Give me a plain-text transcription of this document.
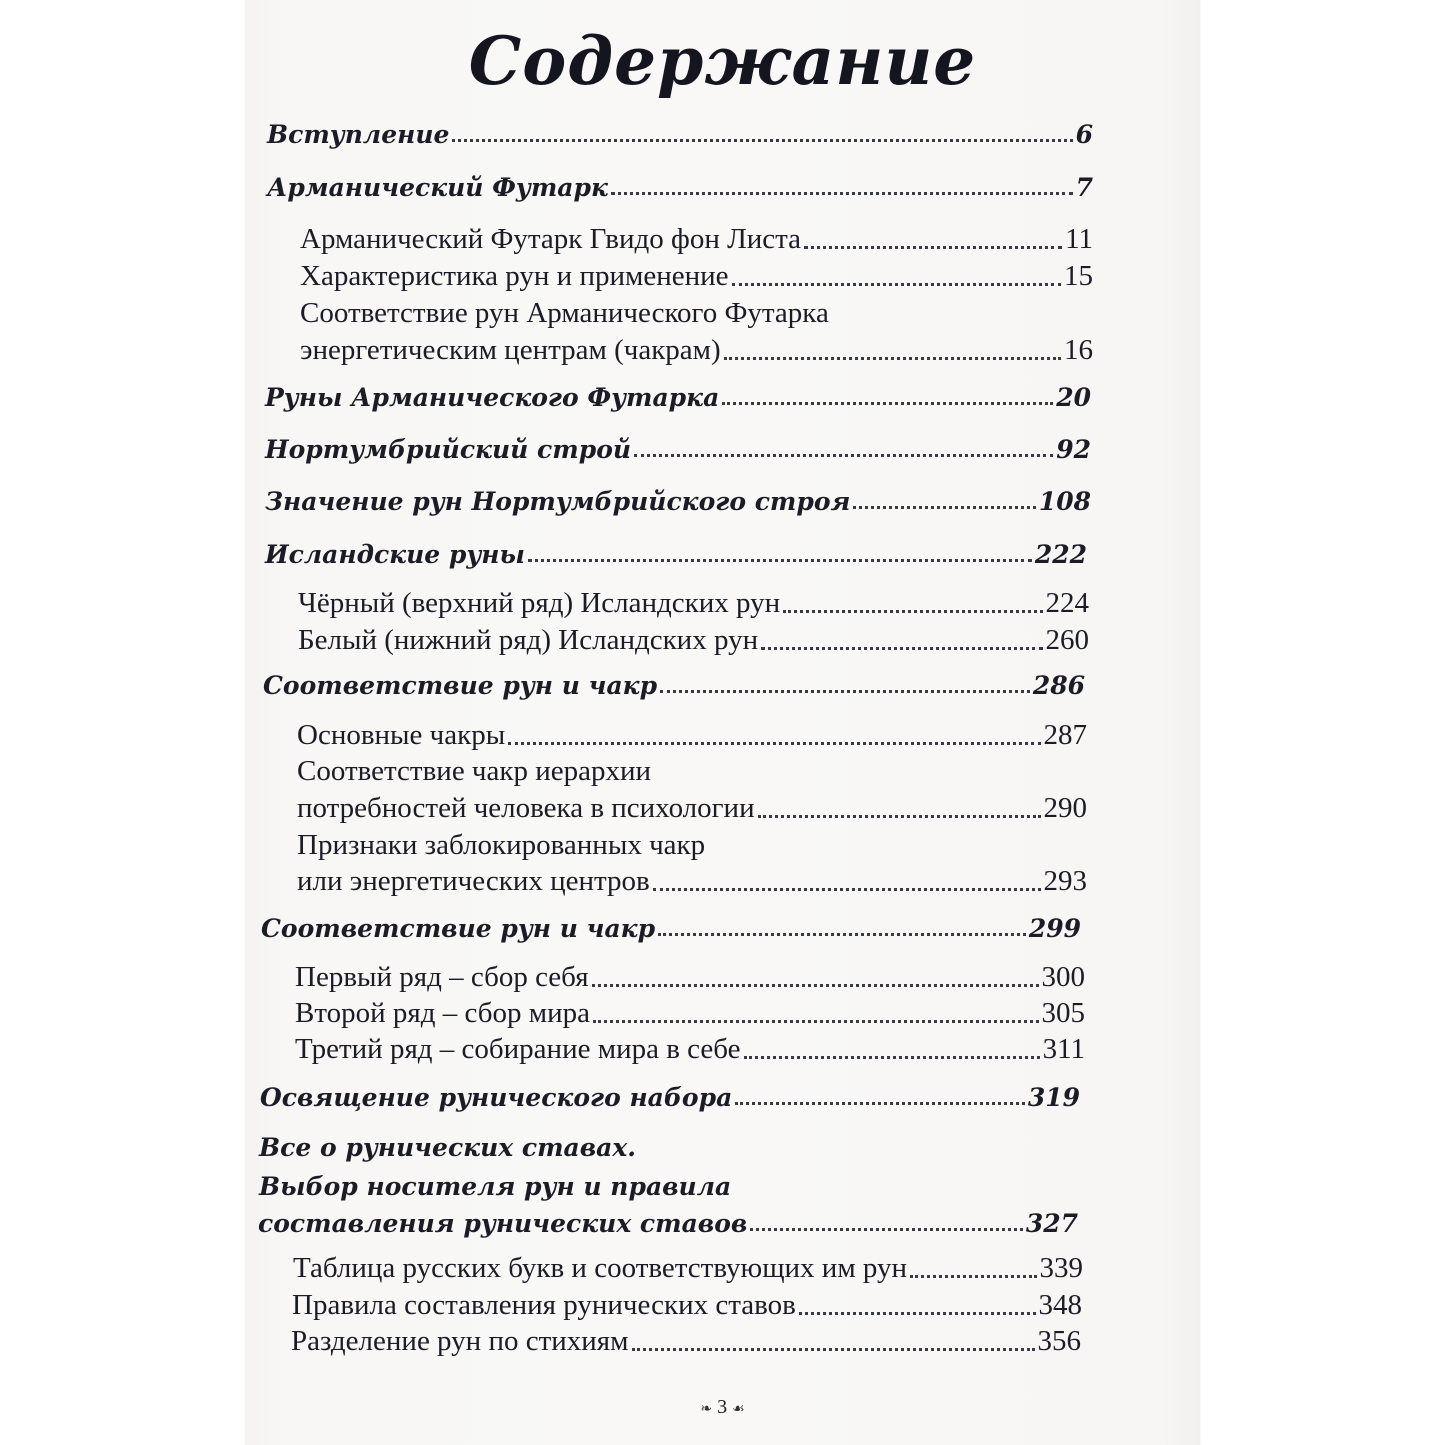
Содержание
Вступление	6
Арманический Футарк	7
Арманический Футарк Гвидо фон Листа	11
Характеристика рун и применение	15
Соответствие рун Арманического Футарка
энергетическим центрам (чакрам)	16
Руны Арманического Футарка	20
Нортумбрийский строй	92
Значение рун Нортумбрийского строя	108
Исландские руны	222
Чёрный (верхний ряд) Исландских рун	224
Белый (нижний ряд) Исландских рун	260
Соответствие рун и чакр	286
Основные чакры	287
Соответствие чакр иерархии
потребностей человека в психологии	290
Признаки заблокированных чакр
или энергетических центров	293
Соответствие рун и чакр	299
Первый ряд – сбор себя	300
Второй ряд – сбор мира	305
Третий ряд – собирание мира в себе	311
Освящение рунического набора	319
Все о рунических ставах.
Выбор носителя рун и правила
составления рунических ставов	327
Таблица русских букв и соответствующих им рун	339
Правила составления рунических ставов	348
Разделение рун по стихиям	356
❧ 3 ☙
